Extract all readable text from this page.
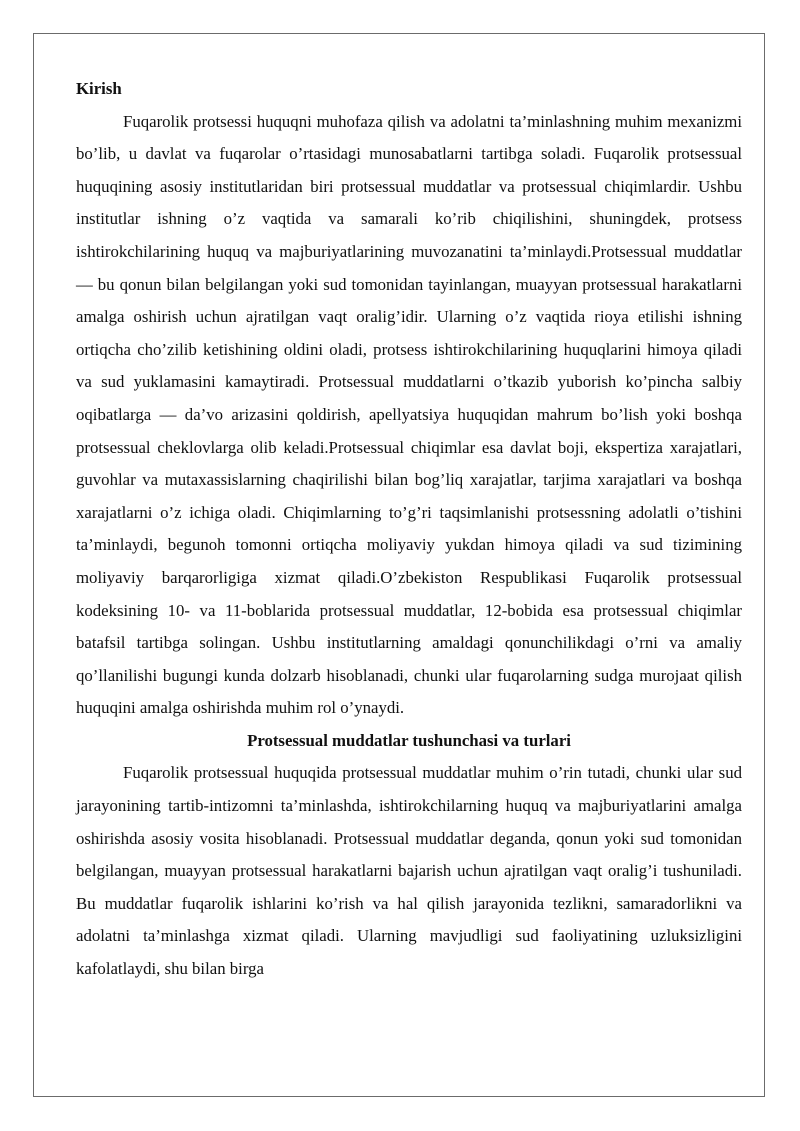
Kirish

Fuqarolik protsessi huquqni muhofaza qilish va adolatni ta’minlashning muhim mexanizmi bo’lib, u davlat va fuqarolar o’rtasidagi munosabatlarni tartibga soladi. Fuqarolik protsessual huquqining asosiy institutlaridan biri protsessual muddatlar va protsessual chiqimlardir. Ushbu institutlar ishning o’z vaqtida va samarali ko’rib chiqilishini, shuningdek, protsess ishtirokchilarining huquq va majburiyatlarining muvozanatini ta’minlaydi.Protsessual muddatlar — bu qonun bilan belgilangan yoki sud tomonidan tayinlangan, muayyan protsessual harakatlarni amalga oshirish uchun ajratilgan vaqt oralig’idir. Ularning o’z vaqtida rioya etilishi ishning ortiqcha cho’zilib ketishining oldini oladi, protsess ishtirokchilarining huquqlarini himoya qiladi va sud yuklamasini kamaytiradi. Protsessual muddatlarni o’tkazib yuborish ko’pincha salbiy oqibatlarga — da’vo arizasini qoldirish, apellyatsiya huquqidan mahrum bo’lish yoki boshqa protsessual cheklovlarga olib keladi.Protsessual chiqimlar esa davlat boji, ekspertiza xarajatlari, guvohlar va mutaxassislarning chaqirilishi bilan bog’liq xarajatlar, tarjima xarajatlari va boshqa xarajatlarni o’z ichiga oladi. Chiqimlarning to’g’ri taqsimlanishi protsessning adolatli o’tishini ta’minlaydi, begunoh tomonni ortiqcha moliyaviy yukdan himoya qiladi va sud tizimining moliyaviy barqarorligiga xizmat qiladi.O’zbekiston Respublikasi Fuqarolik protsessual kodeksining 10- va 11-boblarida protsessual muddatlar, 12-bobida esa protsessual chiqimlar batafsil tartibga solingan. Ushbu institutlarning amaldagi qonunchilikdagi o’rni va amaliy qo’llanilishi bugungi kunda dolzarb hisoblanadi, chunki ular fuqarolarning sudga murojaat qilish huquqini amalga oshirishda muhim rol o’ynaydi.

Protsessual muddatlar tushunchasi va turlari

Fuqarolik protsessual huquqida protsessual muddatlar muhim o’rin tutadi, chunki ular sud jarayonining tartib-intizomni ta’minlashda, ishtirokchilarning huquq va majburiyatlarini amalga oshirishda asosiy vosita hisoblanadi. Protsessual muddatlar deganda, qonun yoki sud tomonidan belgilangan, muayyan protsessual harakatlarni bajarish uchun ajratilgan vaqt oralig’i tushuniladi. Bu muddatlar fuqarolik ishlarini ko’rish va hal qilish jarayonida tezlikni, samaradorlikni va adolatni ta’minlashga xizmat qiladi. Ularning mavjudligi sud faoliyatining uzluksizligini kafolatlaydi, shu bilan birga
